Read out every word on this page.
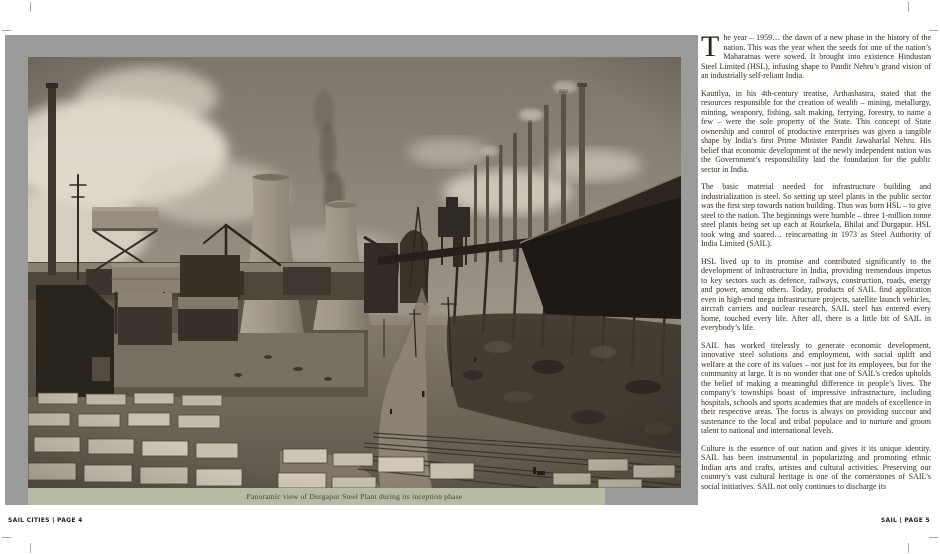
Panoramic view of Durgapur Steel Plant during its inception phase

The year – 1959… the dawn of a new phase in the history of the nation. This was the year when the seeds for one of the nation’s Maharatnas were sowed. It brought into existence Hindustan Steel Limited (HSL), infusing shape to Pandit Nehru’s grand vision of an industrially self-reliant India.

Kautilya, in his 4th-century treatise, Arthashastra, stated that the resources responsible for the creation of wealth – mining, metallurgy, minting, weaponry, fishing, salt making, ferrying, forestry, to name a few – were the sole property of the State. This concept of State ownership and control of productive enterprises was given a tangible shape by India’s first Prime Minister Pandit Jawaharlal Nehru. His belief that economic development of the newly independent nation was the Government’s responsibility laid the foundation for the public sector in India.

The basic material needed for infrastructure building and industrialization is steel. So setting up steel plants in the public sector was the first step towards nation building. Thus was born HSL – to give steel to the nation. The beginnings were humble – three 1-million tonne steel plants being set up each at Rourkela, Bhilai and Durgapur. HSL took wing and soared… reincarnating in 1973 as Steel Authority of India Limited (SAIL).

HSL lived up to its promise and contributed significantly to the development of infrastructure in India, providing tremendous impetus to key sectors such as defence, railways, construction, roads, energy and power, among others. Today, products of SAIL find application even in high-end mega infrastructure projects, satellite launch vehicles, aircraft carriers and nuclear research. SAIL steel has entered every home, touched every life. After all, there is a little bit of SAIL in everybody’s life.

SAIL has worked tirelessly to generate economic development, innovative steel solutions and employment, with social uplift and welfare at the core of its values – not just for its employees, but for the community at large. It is no wonder that one of SAIL’s credos upholds the belief of making a meaningful difference in people’s lives. The company’s townships boast of impressive infrastructure, including hospitals, schools and sports academies that are models of excellence in their respective areas. The focus is always on providing succour and sustenance to the local and tribal populace and to nurture and groom talent to national and international levels.

Culture is the essence of our nation and gives it its unique identity. SAIL has been instrumental in popularizing and promoting ethnic Indian arts and crafts, artistes and cultural activities. Preserving our country’s vast cultural heritage is one of the cornerstones of SAIL’s social initiatives. SAIL not only continues to discharge its

SAIL CITIES | PAGE 4	SAIL | PAGE 5
